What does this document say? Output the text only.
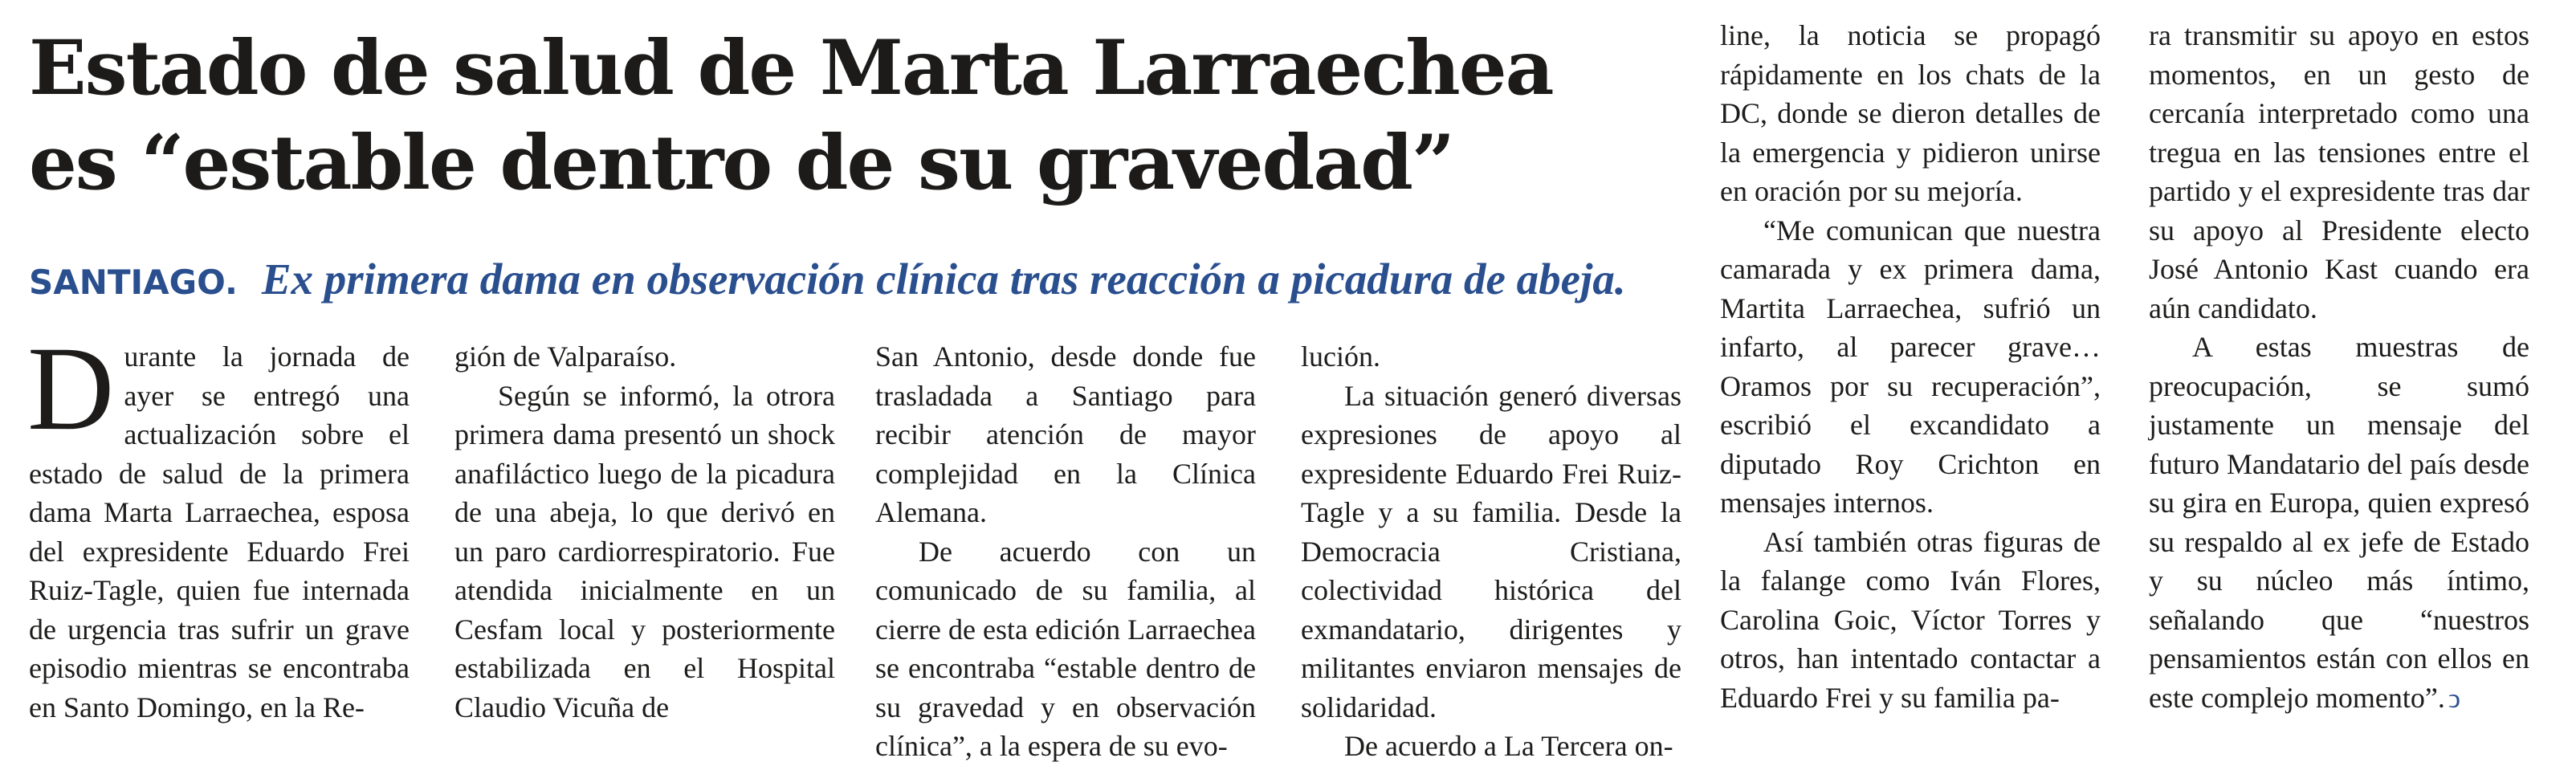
Estado de salud de Marta Larraechea
es “estable dentro de su gravedad”
SANTIAGO. Ex primera dama en observación clínica tras reacción a picadura de abeja.

Durante la jornada de ayer se entregó una actualización sobre el estado de salud de la primera dama Marta Larraechea, esposa del expresidente Eduardo Frei Ruiz-Tagle, quien fue internada de urgencia tras sufrir un grave episodio mientras se encontraba en Santo Domingo, en la Re-

gión de Valparaíso.

Según se informó, la otrora primera dama presentó un shock anafiláctico luego de la picadura de una abeja, lo que derivó en un paro cardiorrespiratorio. Fue atendida inicialmente en un Cesfam local y posteriormente estabilizada en el Hospital Claudio Vicuña de

San Antonio, desde donde fue trasladada a Santiago para recibir atención de mayor complejidad en la Clínica Alemana.

De acuerdo con un comunicado de su familia, al cierre de esta edición Larraechea se encontraba “estable dentro de su gravedad y en observación clínica”, a la espera de su evo-

lución.

La situación generó diversas expresiones de apoyo al expresidente Eduardo Frei Ruiz-Tagle y a su familia. Desde la Democracia Cristiana, colectividad histórica del exmandatario, dirigentes y militantes enviaron mensajes de solidaridad.

De acuerdo a La Tercera on-

line, la noticia se propagó rápidamente en los chats de la DC, donde se dieron detalles de la emergencia y pidieron unirse en oración por su mejoría.

“Me comunican que nuestra camarada y ex primera dama, Martita Larraechea, sufrió un infarto, al parecer grave… Oramos por su recuperación”, escribió el excandidato a diputado Roy Crichton en mensajes internos.

Así también otras figuras de la falange como Iván Flores, Carolina Goic, Víctor Torres y otros, han intentado contactar a Eduardo Frei y su familia pa-

ra transmitir su apoyo en estos momentos, en un gesto de cercanía interpretado como una tregua en las tensiones entre el partido y el expresidente tras dar su apoyo al Presidente electo José Antonio Kast cuando era aún candidato.

A estas muestras de preocupación, se sumó justamente un mensaje del futuro Mandatario del país desde su gira en Europa, quien expresó su respaldo al ex jefe de Estado y su núcleo más íntimo, señalando que “nuestros pensamientos están con ellos en este complejo momento”. ↄ
